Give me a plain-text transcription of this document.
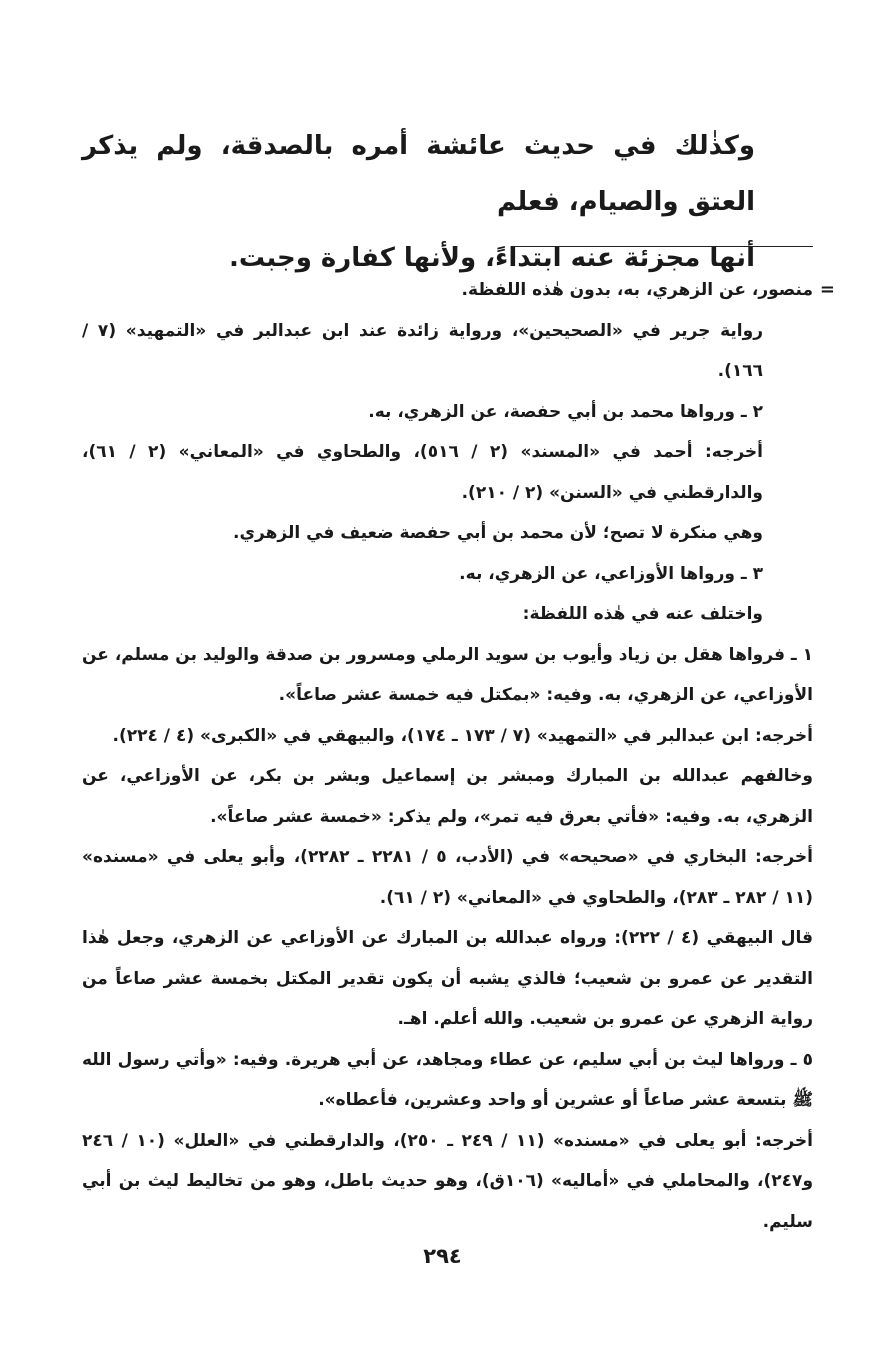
وكذٰلك في حديث عائشة أمره بالصدقة، ولم يذكر العتق والصيام، فعلم

أنها مجزئة عنه ابتداءً، ولأنها كفارة وجبت.

=
منصور، عن الزهري، به، بدون هٰذه اللفظة.

رواية جرير في «الصحيحين»، ورواية زائدة عند ابن عبدالبر في «التمهيد» (٧ / ١٦٦).

٢ ـ ورواها محمد بن أبي حفصة، عن الزهري، به.

أخرجه: أحمد في «المسند» (٢ / ٥١٦)، والطحاوي في «المعاني» (٢ / ٦١)، والدارقطني في «السنن» (٢ / ٢١٠).

وهي منكرة لا تصح؛ لأن محمد بن أبي حفصة ضعيف في الزهري.

٣ ـ ورواها الأوزاعي، عن الزهري، به.

واختلف عنه في هٰذه اللفظة:

١ ـ فرواها هقل بن زياد وأيوب بن سويد الرملي ومسرور بن صدقة والوليد بن مسلم، عن الأوزاعي، عن الزهري، به. وفيه: «بمكتل فيه خمسة عشر صاعاً».

أخرجه: ابن عبدالبر في «التمهيد» (٧ / ١٧٣ ـ ١٧٤)، والبيهقي في «الكبرى» (٤ / ٢٢٤).

وخالفهم عبدالله بن المبارك ومبشر بن إسماعيل وبشر بن بكر، عن الأوزاعي، عن الزهري، به. وفيه: «فأتي بعرق فيه تمر»، ولم يذكر: «خمسة عشر صاعاً».

أخرجه: البخاري في «صحيحه» في (الأدب، ٥ / ٢٢٨١ ـ ٢٢٨٢)، وأبو يعلى في «مسنده» (١١ / ٢٨٢ ـ ٢٨٣)، والطحاوي في «المعاني» (٢ / ٦١).

قال البيهقي (٤ / ٢٢٢): ورواه عبدالله بن المبارك عن الأوزاعي عن الزهري، وجعل هٰذا التقدير عن عمرو بن شعيب؛ فالذي يشبه أن يكون تقدير المكتل بخمسة عشر صاعاً من رواية الزهري عن عمرو بن شعيب. والله أعلم. اهـ.

٥ ـ ورواها ليث بن أبي سليم، عن عطاء ومجاهد، عن أبي هريرة. وفيه: «وأتي رسول الله ﷺ بتسعة عشر صاعاً أو عشرين أو واحد وعشرين، فأعطاه».

أخرجه: أبو يعلى في «مسنده» (١١ / ٢٤٩ ـ ٢٥٠)، والدارقطني في «العلل» (١٠ / ٢٤٦ و٢٤٧)، والمحاملي في «أماليه» (١٠٦ق)، وهو حديث باطل، وهو من تخاليط ليث بن أبي سليم.

٢٩٤
